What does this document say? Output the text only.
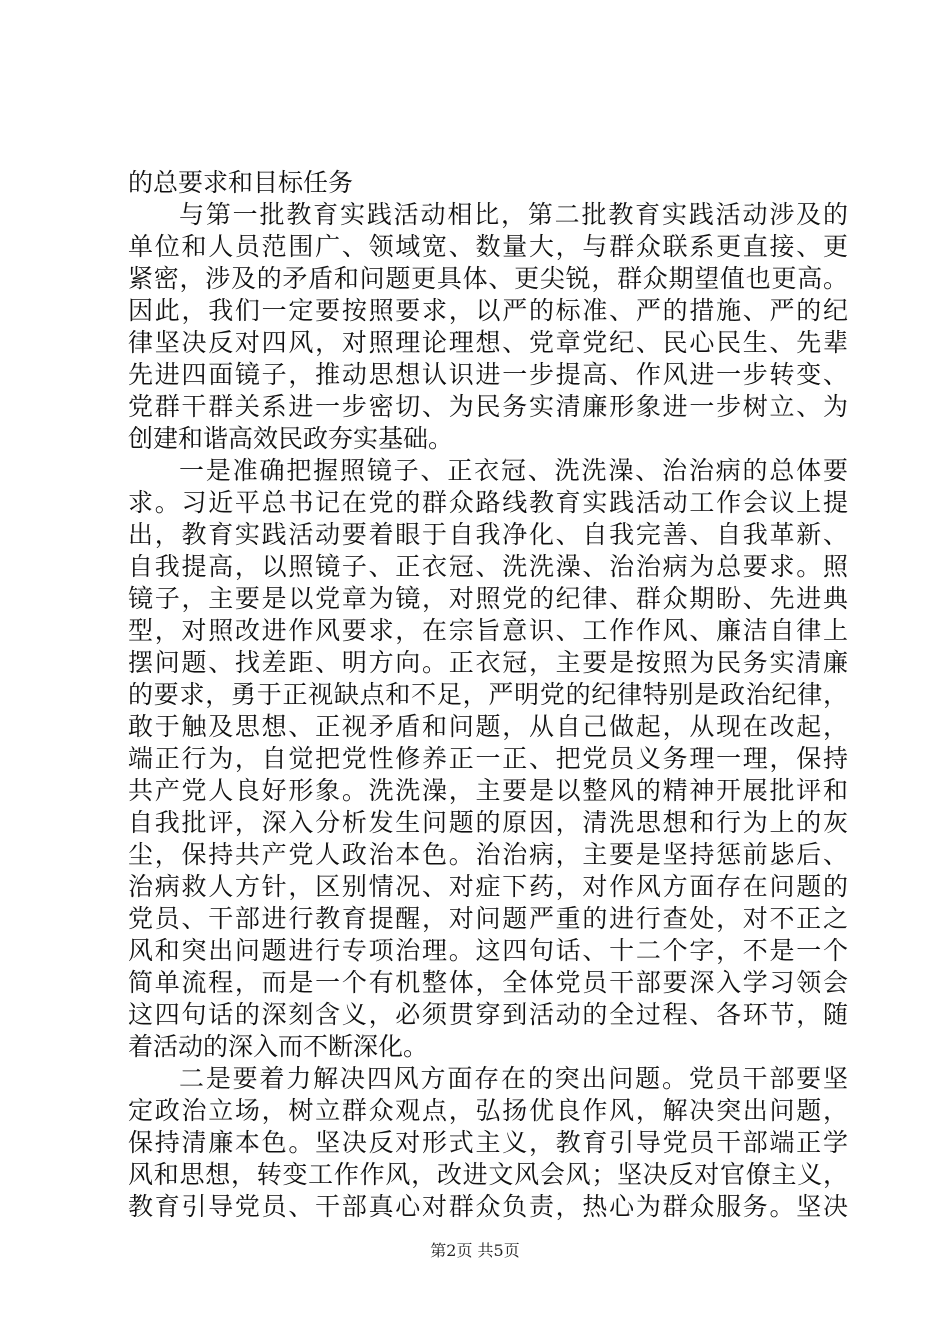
的总要求和目标任务
与第一批教育实践活动相比，第二批教育实践活动涉及的
单位和人员范围广、领域宽、数量大，与群众联系更直接、更
紧密，涉及的矛盾和问题更具体、更尖锐，群众期望值也更高。
因此，我们一定要按照要求，以严的标准、严的措施、严的纪
律坚决反对四风，对照理论理想、党章党纪、民心民生、先辈
先进四面镜子，推动思想认识进一步提高、作风进一步转变、
党群干群关系进一步密切、为民务实清廉形象进一步树立、为
创建和谐高效民政夯实基础。
一是准确把握照镜子、正衣冠、洗洗澡、治治病的总体要
求。习近平总书记在党的群众路线教育实践活动工作会议上提
出，教育实践活动要着眼于自我净化、自我完善、自我革新、
自我提高，以照镜子、正衣冠、洗洗澡、治治病为总要求。照
镜子，主要是以党章为镜，对照党的纪律、群众期盼、先进典
型，对照改进作风要求，在宗旨意识、工作作风、廉洁自律上
摆问题、找差距、明方向。正衣冠，主要是按照为民务实清廉
的要求，勇于正视缺点和不足，严明党的纪律特别是政治纪律，
敢于触及思想、正视矛盾和问题，从自己做起，从现在改起，
端正行为，自觉把党性修养正一正、把党员义务理一理，保持
共产党人良好形象。洗洗澡，主要是以整风的精神开展批评和
自我批评，深入分析发生问题的原因，清洗思想和行为上的灰
尘，保持共产党人政治本色。治治病，主要是坚持惩前毖后、
治病救人方针，区别情况、对症下药，对作风方面存在问题的
党员、干部进行教育提醒，对问题严重的进行查处，对不正之
风和突出问题进行专项治理。这四句话、十二个字，不是一个
简单流程，而是一个有机整体，全体党员干部要深入学习领会
这四句话的深刻含义，必须贯穿到活动的全过程、各环节，随
着活动的深入而不断深化。
二是要着力解决四风方面存在的突出问题。党员干部要坚
定政治立场，树立群众观点，弘扬优良作风，解决突出问题，
保持清廉本色。坚决反对形式主义，教育引导党员干部端正学
风和思想，转变工作作风，改进文风会风；坚决反对官僚主义，
教育引导党员、干部真心对群众负责，热心为群众服务。坚决
第2页 共5页
